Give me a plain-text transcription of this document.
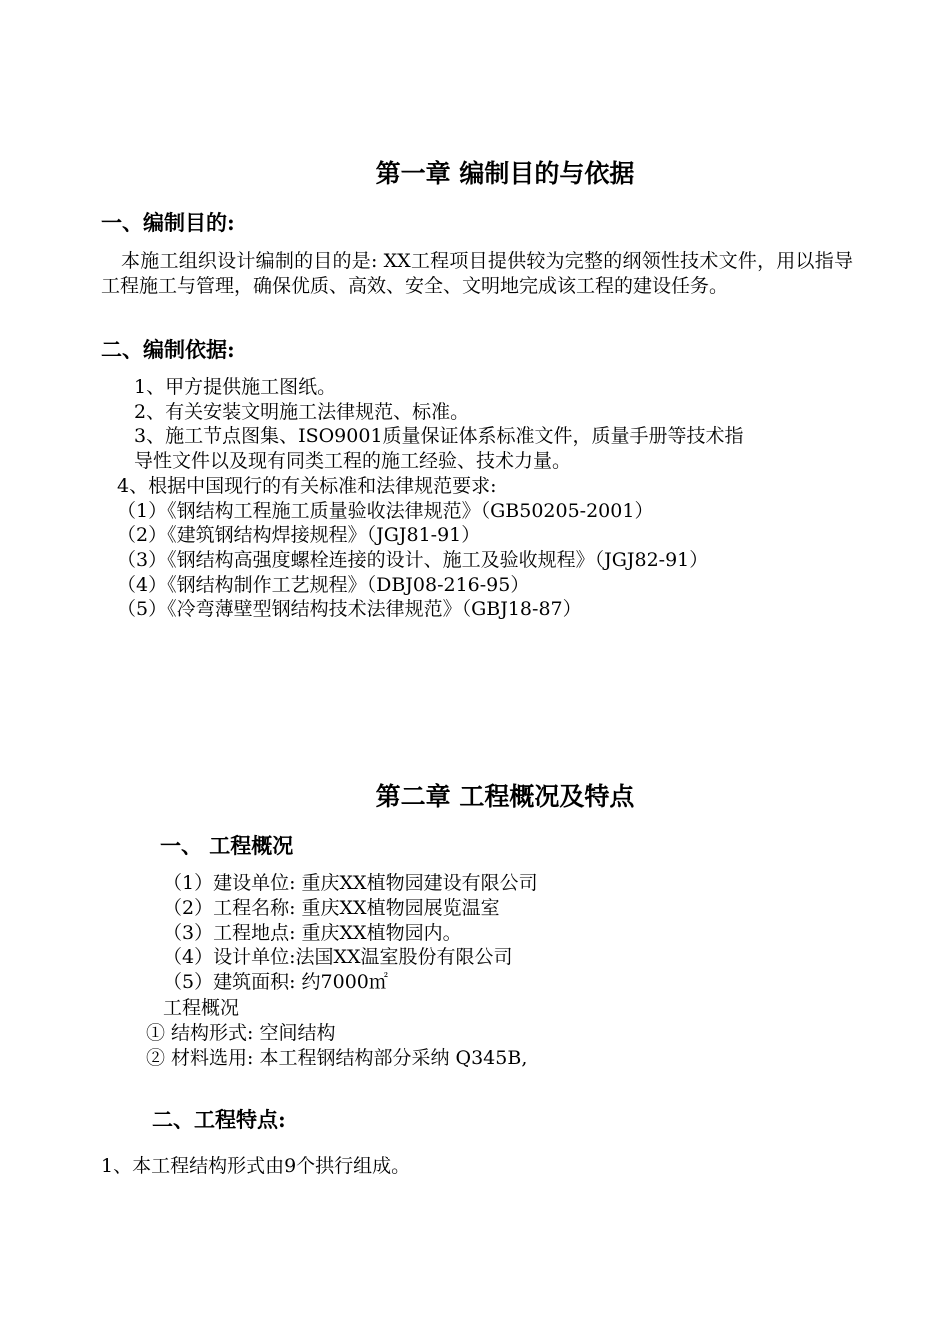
第一章 编制目的与依据
一、编制目的:
本施工组织设计编制的目的是: XX工程项目提供较为完整的纲领性技术文件，用以指导工程施工与管理，确保优质、高效、安全、文明地完成该工程的建设任务。
二、编制依据:
1、甲方提供施工图纸。
2、有关安装文明施工法律规范、标准。
3、施工节点图集、ISO9001质量保证体系标准文件，质量手册等技术指
导性文件以及现有同类工程的施工经验、技术力量。
4、根据中国现行的有关标准和法律规范要求:
（1）《钢结构工程施工质量验收法律规范》（GB50205-2001）
（2）《建筑钢结构焊接规程》（JGJ81-91）
（3）《钢结构高强度螺栓连接的设计、施工及验收规程》（JGJ82-91）
（4）《钢结构制作工艺规程》（DBJ08-216-95）
（5）《冷弯薄壁型钢结构技术法律规范》（GBJ18-87）
第二章 工程概况及特点
一、 工程概况
（1）建设单位: 重庆XX植物园建设有限公司
（2）工程名称: 重庆XX植物园展览温室
（3）工程地点: 重庆XX植物园内。
（4）设计单位:法国XX温室股份有限公司
（5）建筑面积: 约7000㎡
工程概况
① 结构形式: 空间结构
② 材料选用: 本工程钢结构部分采纳 Q345B,
二、工程特点:
1、本工程结构形式由9个拱行组成。
